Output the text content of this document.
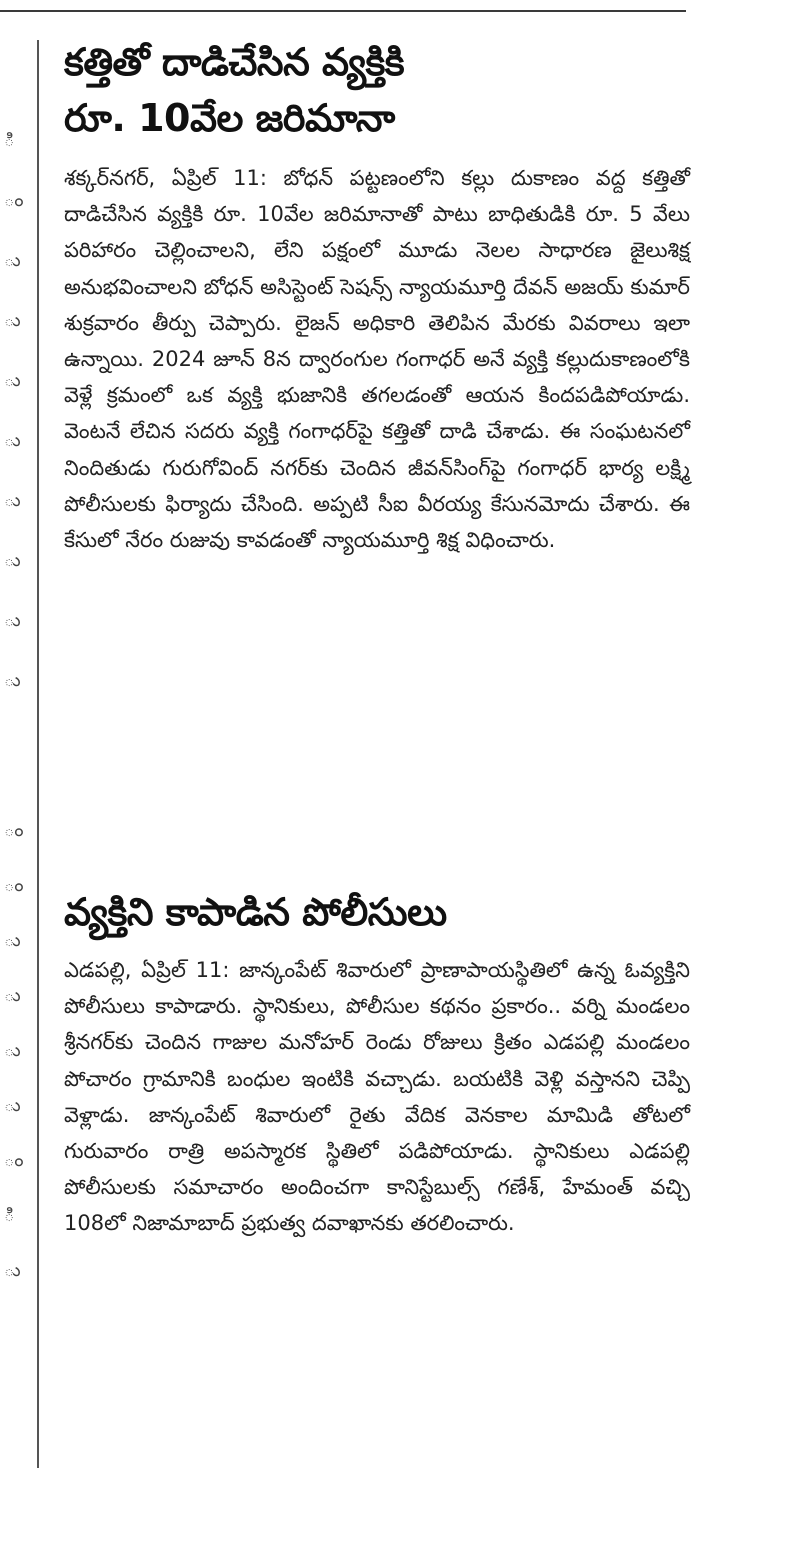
ి
ం
ు
ు
ు
ు
ు
ు
ు
ు
ం
ం
ు
ు
ు
ు
ం
ి
ు
కత్తితో దాడిచేసిన వ్యక్తికి
రూ. 10వేల జరిమానా

శక్కర్‌నగర్, ఏప్రిల్ 11: బోధన్ పట్టణంలోని కల్లు దుకాణం వద్ద కత్తితో దాడిచేసిన వ్యక్తికి రూ. 10వేల జరిమానాతో పాటు బాధితుడికి రూ. 5 వేలు పరిహారం చెల్లించాలని, లేని పక్షంలో మూడు నెలల సాధారణ జైలుశిక్ష అనుభవించాలని బోధన్ అసిస్టెంట్ సెషన్స్ న్యాయమూర్తి దేవన్ అజయ్ కుమార్ శుక్రవారం తీర్పు చెప్పారు. లైజన్ అధికారి తెలిపిన మేరకు వివరాలు ఇలా ఉన్నాయి. 2024 జూన్ 8న ద్వారంగుల గంగాధర్ అనే వ్యక్తి కల్లుదుకాణంలోకి వెళ్లే క్రమంలో ఒక వ్యక్తి భుజానికి తగలడంతో ఆయన కిందపడిపోయాడు. వెంటనే లేచిన సదరు వ్యక్తి గంగాధర్‌పై కత్తితో దాడి చేశాడు. ఈ సంఘటనలో నిందితుడు గురుగోవింద్ నగర్‌కు చెందిన జీవన్‌సింగ్‌పై గంగాధర్ భార్య లక్ష్మి పోలీసులకు ఫిర్యాదు చేసింది. అప్పటి సీఐ వీరయ్య కేసునమోదు చేశారు. ఈ కేసులో నేరం రుజువు కావడంతో న్యాయమూర్తి శిక్ష విధించారు.

వ్యక్తిని కాపాడిన పోలీసులు

ఎడపల్లి, ఏప్రిల్ 11: జాన్కంపేట్ శివారులో ప్రాణాపాయస్థితిలో ఉన్న ఓవ్యక్తిని పోలీసులు కాపాడారు. స్థానికులు, పోలీసుల కథనం ప్రకారం.. వర్ని మండలం శ్రీనగర్‌కు చెందిన గాజుల మనోహర్ రెండు రోజులు క్రితం ఎడపల్లి మండలం పోచారం గ్రామానికి బంధుల ఇంటికి వచ్చాడు. బయటికి వెళ్లి వస్తానని చెప్పి వెళ్లాడు. జాన్కంపేట్ శివారులో రైతు వేదిక వెనకాల మామిడి తోటలో గురువారం రాత్రి అపస్మారక స్థితిలో పడిపోయాడు. స్థానికులు ఎడపల్లి పోలీసులకు సమాచారం అందించగా కానిస్టేబుల్స్ గణేశ్, హేమంత్ వచ్చి 108లో నిజామాబాద్ ప్రభుత్వ దవాఖానకు తరలించారు.
